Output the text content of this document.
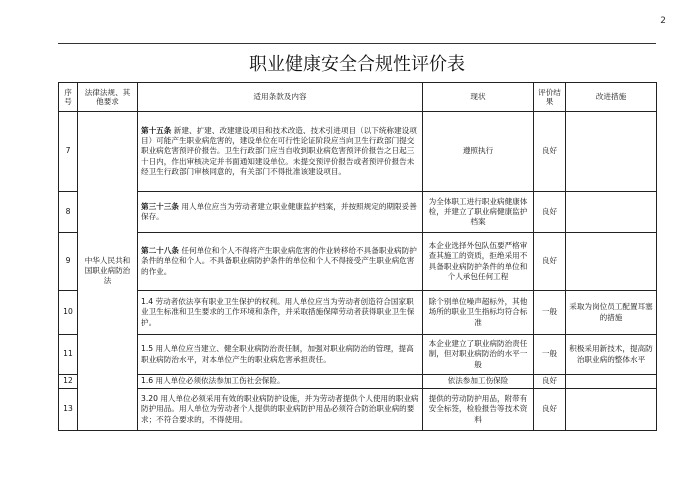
2
职业健康安全合规性评价表
序号	法律法规、其他要求	适用条款及内容	现状	评价结果	改进措施
7	中华人民共和国职业病防治法	第十五条 新建、扩建、改建建设项目和技术改造、技术引进项目（以下统称建设项目）可能产生职业病危害的，建设单位在可行性论证阶段应当向卫生行政部门提交职业病危害预评价报告。卫生行政部门应当自收到职业病危害预评价报告之日起三十日内，作出审核决定并书面通知建设单位。未提交预评价报告或者预评价报告未经卫生行政部门审核同意的，有关部门不得批准该建设项目。	遵照执行	良好	
8		第三十三条 用人单位应当为劳动者建立职业健康监护档案，并按照规定的期限妥善保存。	为全体职工进行职业病健康体检，并建立了职业病健康监护档案	良好	
9		第二十八条 任何单位和个人不得将产生职业病危害的作业转移给不具备职业病防护条件的单位和个人。不具备职业病防护条件的单位和个人不得接受产生职业病危害的作业。	本企业选择外包队伍要严格审查其施工的资质，拒绝采用不具备职业病防护条件的单位和个人承包任何工程	良好	
10		1.4 劳动者依法享有职业卫生保护的权利。用人单位应当为劳动者创造符合国家职业卫生标准和卫生要求的工作环境和条件，并采取措施保障劳动者获得职业卫生保护。	除个别单位噪声超标外，其他场所的职业卫生指标均符合标准	一般	采取为岗位员工配置耳塞的措施
11		1.5 用人单位应当建立、健全职业病防治责任制，加强对职业病防治的管理，提高职业病防治水平，对本单位产生的职业病危害承担责任。	本企业建立了职业病防治责任制，但对职业病防治的水平一般	一般	积极采用新技术，提高防治职业病的整体水平
12		1.6 用人单位必须依法参加工伤社会保险。	依法参加工伤保险	良好	
13		3.20 用人单位必须采用有效的职业病防护设施，并为劳动者提供个人使用的职业病防护用品。用人单位为劳动者个人提供的职业病防护用品必须符合防治职业病的要求；不符合要求的，不得使用。	提供的劳动防护用品，附带有安全标签，检验报告等技术资料	良好	
